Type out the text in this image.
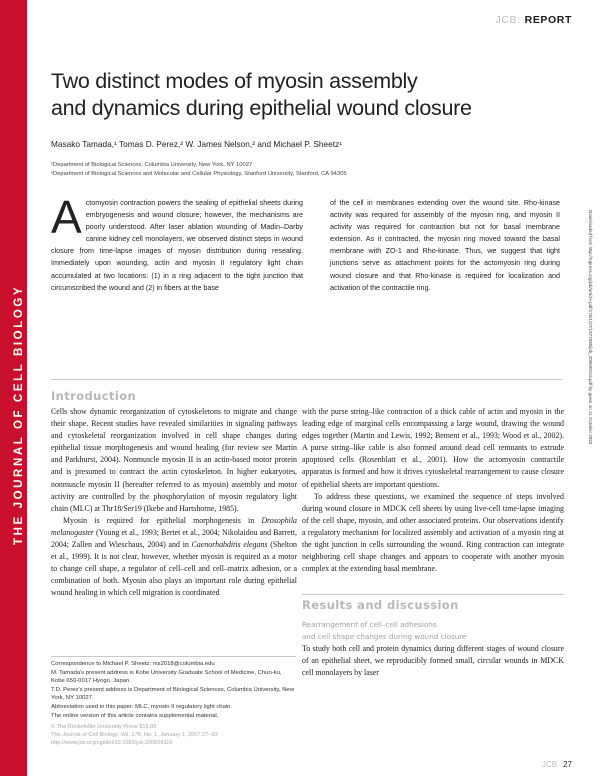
THE JOURNAL OF CELL BIOLOGY
JCB: REPORT
Two distinct modes of myosin assembly
and dynamics during epithelial wound closure
Masako Tamada,¹ Tomas D. Perez,² W. James Nelson,² and Michael P. Sheetz¹
¹Department of Biological Sciences, Columbia University, New York, NY 10027
²Department of Biological Sciences and Molecular and Cellular Physiology, Stanford University, Stanford, CA 94305
Actomyosin contraction powers the sealing of epithelial sheets during embryogenesis and wound closure; however, the mechanisms are poorly understood. After laser ablation wounding of Madin–Darby canine kidney cell monolayers, we observed distinct steps in wound closure from time-lapse images of myosin distribution during resealing. Immediately upon wounding, actin and myosin II regulatory light chain accumulated at two locations: (1) in a ring adjacent to the tight junction that circumscribed the wound and (2) in fibers at the base
of the cell in membranes extending over the wound site. Rho-kinase activity was required for assembly of the myosin ring, and myosin II activity was required for contraction but not for basal membrane extension. As it contracted, the myosin ring moved toward the basal membrane with ZO-1 and Rho-kinase. Thus, we suggest that tight junctions serve as attachment points for the actomyosin ring during wound closure and that Rho-kinase is required for localization and activation of the contractile ring.
Introduction

Cells show dynamic reorganization of cytoskeletons to migrate and change their shape. Recent studies have revealed similarities in signaling pathways and cytoskeletal reorganization involved in cell shape changes during epithelial tissue morphogenesis and wound healing (for review see Martin and Parkhurst, 2004). Nonmuscle myosin II is an actin-based motor protein and is presumed to contract the actin cytoskeleton. In higher eukaryotes, nonmuscle myosin II (hereafter referred to as myosin) assembly and motor activity are controlled by the phosphorylation of myosin regulatory light chain (MLC) at Thr18/Ser19 (Ikebe and Hartshorne, 1985).

Myosin is required for epithelial morphogenesis in Drosophila melanogaster (Young et al., 1993; Bertet et al., 2004; Nikolaidou and Barrett, 2004; Zallen and Wieschaus, 2004) and in Caenorhabditis elegans (Shelton et al., 1999). It is not clear, however, whether myosin is required as a motor to change cell shape, a regulator of cell–cell and cell–matrix adhesion, or a combination of both. Myosin also plays an important role during epithelial wound healing in which cell migration is coordinated

with the purse string–like contraction of a thick cable of actin and myosin in the leading edge of marginal cells encompassing a large wound, drawing the wound edges together (Martin and Lewis, 1992; Bement et al., 1993; Wood et al., 2002). A purse string–like cable is also formed around dead cell remnants to extrude apoptosed cells (Rosenblatt et al., 2001). How the actomyosin contractile apparatus is formed and how it drives cytoskeletal rearrangement to cause closure of epithelial sheets are important questions.

To address these questions, we examined the sequence of steps involved during wound closure in MDCK cell sheets by using live-cell time-lapse imaging of the cell shape, myosin, and other associated proteins. Our observations identify a regulatory mechanism for localized assembly and activation of a myosin ring at the tight junction in cells surrounding the wound. Ring contraction can integrate neighboring cell shape changes and appears to cooperate with another myosin complex at the extending basal membrane.

Results and discussion
Rearrangement of cell–cell adhesions
and cell shape changes during wound closure
To study both cell and protein dynamics during different stages of wound closure of an epithelial sheet, we reproducibly formed small, circular wounds in MDCK cell monolayers by laser

Correspondence to Michael P. Sheetz: ms2018@columbia.edu

M. Tamada's present address is Kobe University Graduate School of Medicine, Chuo-ku, Kobe 650-0017 Hyogo, Japan.

T.D. Perez's present address is Department of Biological Sciences, Columbia University, New York, NY 10027.

Abbreviation used in this paper: MLC, myosin II regulatory light chain.

The online version of this article contains supplemental material.

© The Rockefeller University Press $15.00
The Journal of Cell Biology, Vol. 176, No. 1, January 1, 2007 27–33
http://www.jcb.org/cgi/doi/10.1083/jcb.200609116
JCB 27
Downloaded from http://rupress.org/jcb/article-pdf/176/1/27/1877580/jcb_200609116.pdf by guest on 11 October 2023
